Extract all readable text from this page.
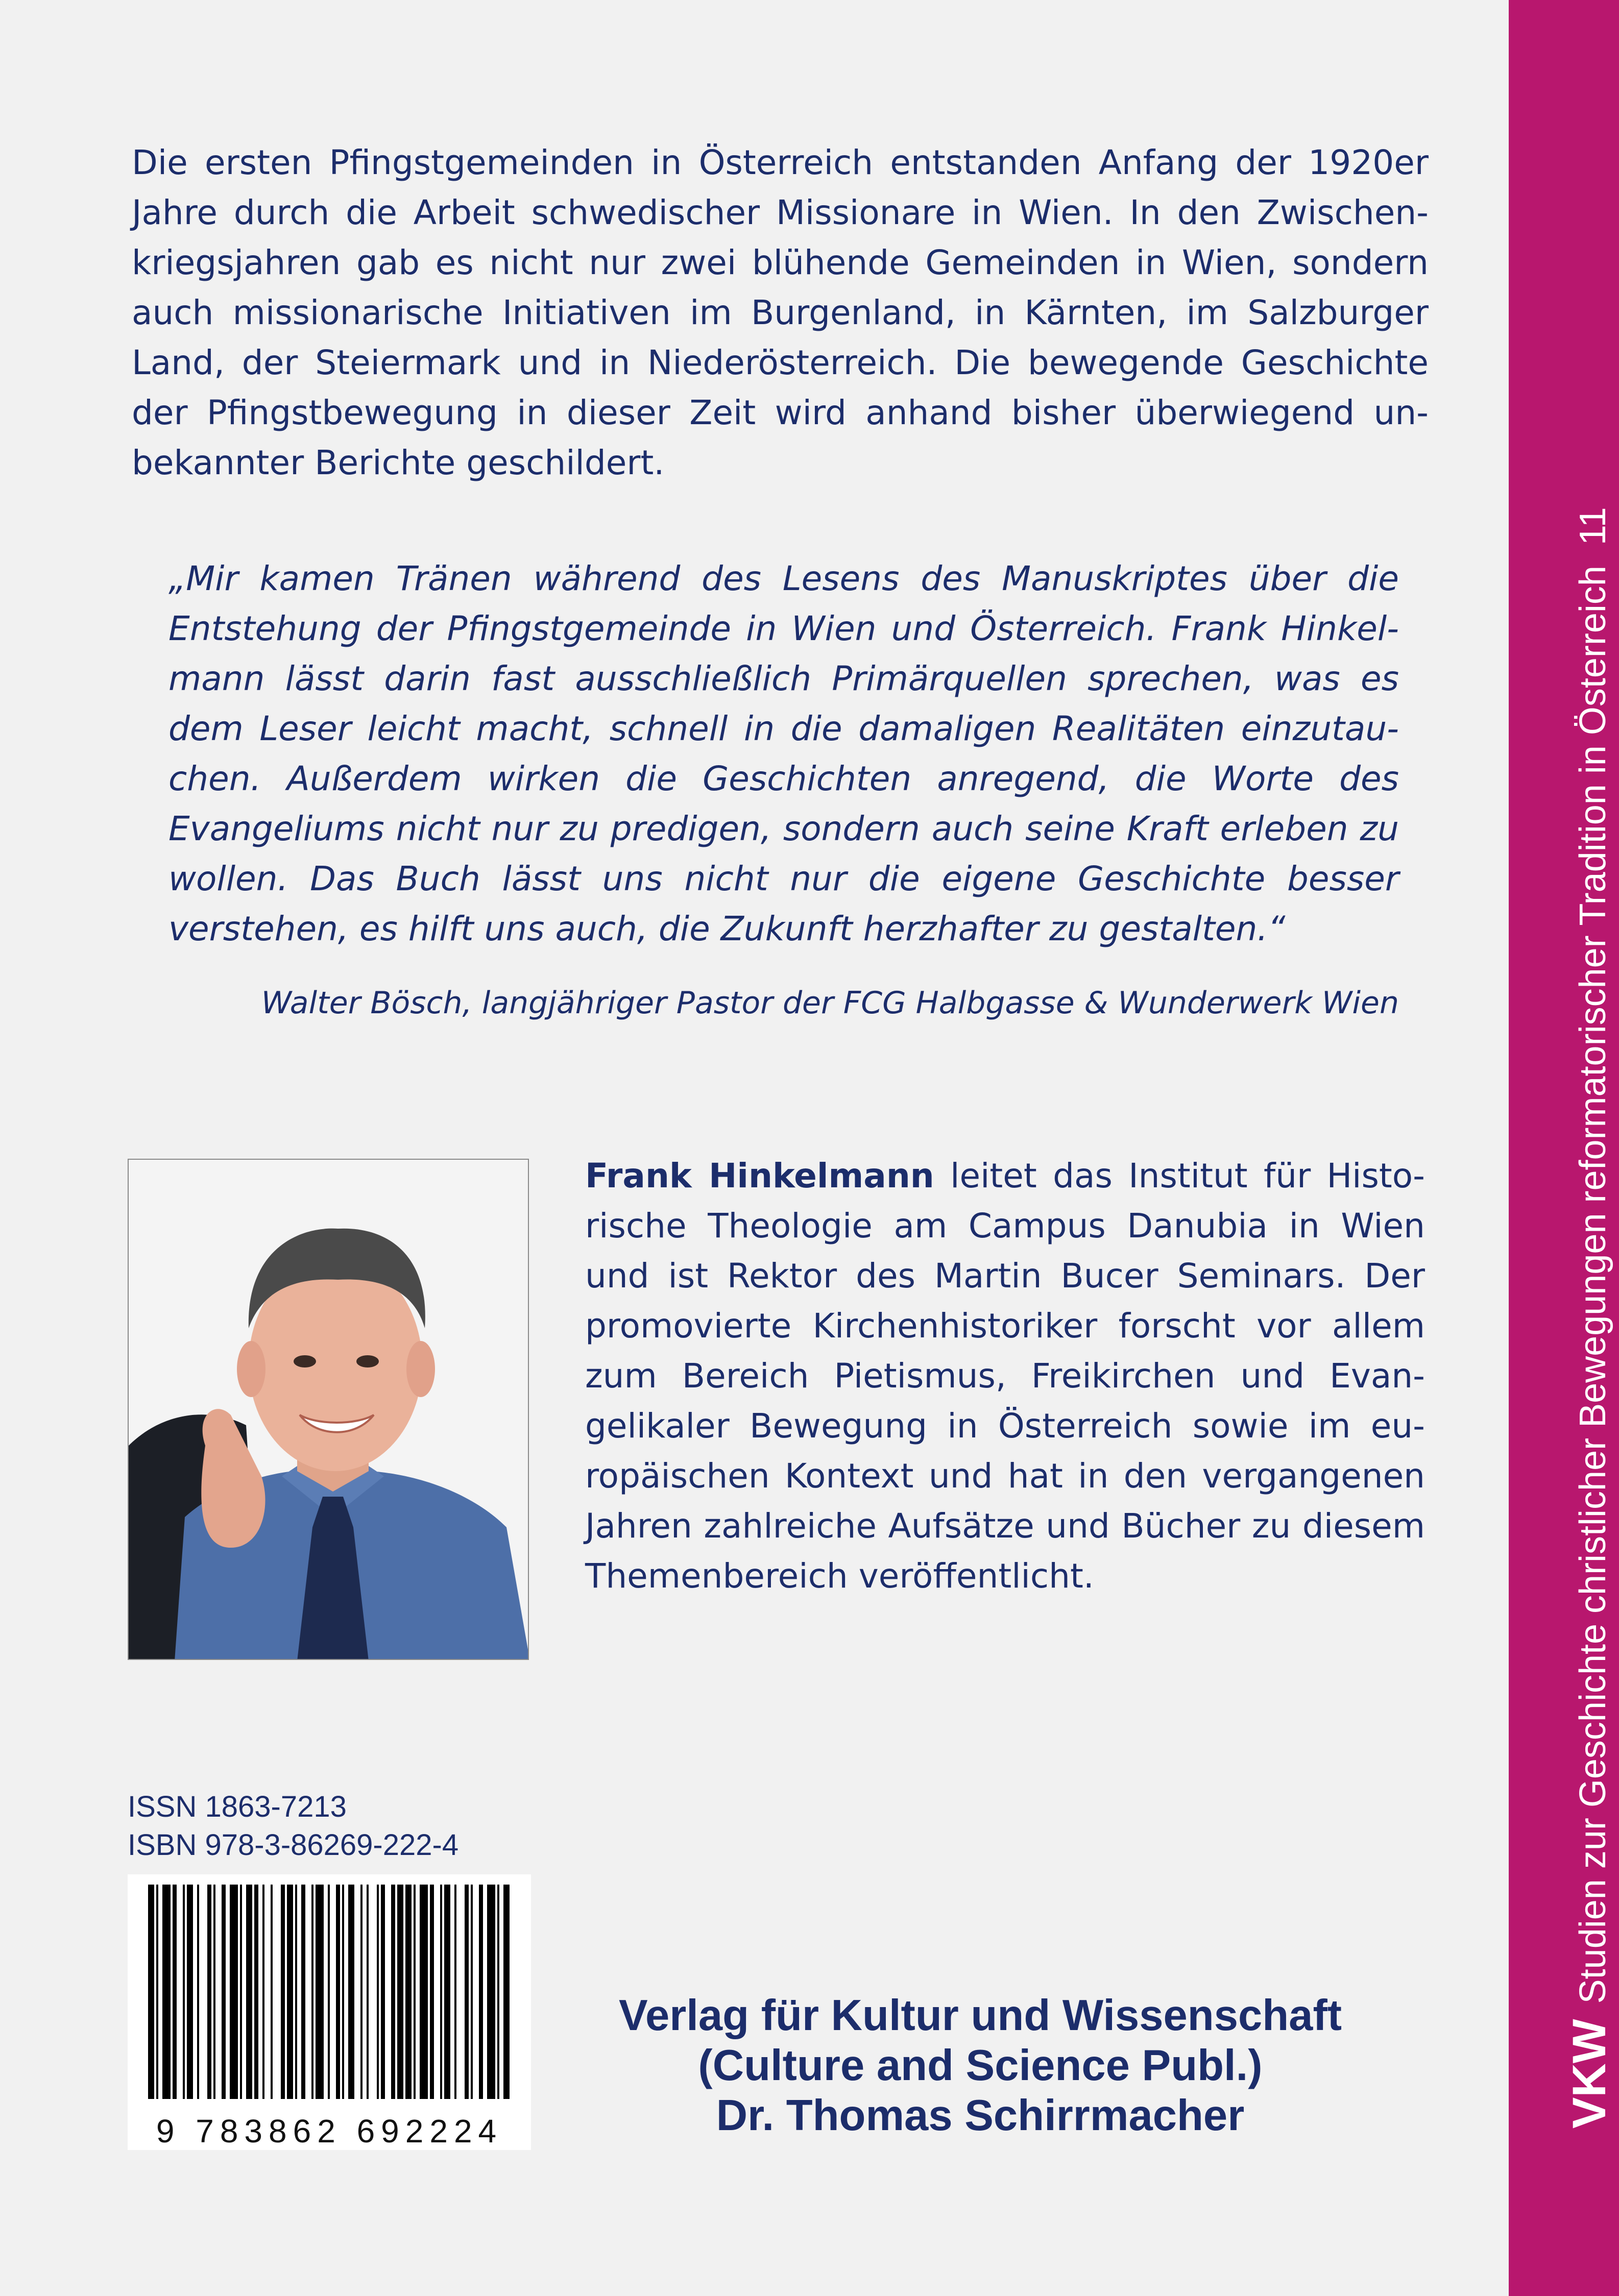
Die ersten Pfingstgemeinden in Österreich entstanden Anfang der 1920er Jahre durch die Arbeit schwedischer Missionare in Wien. In den Zwischenkriegsjahren gab es nicht nur zwei blühende Gemeinden in Wien, sondern auch missionarische Initiativen im Burgenland, in Kärnten, im Salzburger Land, der Steiermark und in Niederösterreich. Die bewegende Geschichte der Pfingstbewegung in dieser Zeit wird anhand bisher überwiegend unbekannter Berichte geschildert.

„Mir kamen Tränen während des Lesens des Manuskriptes über die Entstehung der Pfingstgemeinde in Wien und Österreich. Frank Hinkelmann lässt darin fast ausschließlich Primärquellen sprechen, was es dem Leser leicht macht, schnell in die damaligen Realitäten einzutauchen. Außerdem wirken die Geschichten anregend, die Worte des Evangeliums nicht nur zu predigen, sondern auch seine Kraft erleben zu wollen. Das Buch lässt uns nicht nur die eigene Geschichte besser verstehen, es hilft uns auch, die Zukunft herzhafter zu gestalten.“

Walter Bösch, langjähriger Pastor der FCG Halbgasse & Wunderwerk Wien

Frank Hinkelmann leitet das Institut für Historische Theologie am Campus Danubia in Wien und ist Rektor des Martin Bucer Seminars. Der promovierte Kirchenhistoriker forscht vor allem zum Bereich Pietismus, Freikirchen und Evangelikaler Bewegung in Österreich sowie im europäischen Kontext und hat in den vergangenen Jahren zahlreiche Aufsätze und Bücher zu diesem Themenbereich veröffentlicht.

ISSN 1863-7213
ISBN 978-3-86269-222-4
9 783862 692224
Verlag für Kultur und Wissenschaft
(Culture and Science Publ.)
Dr. Thomas Schirrmacher	VKWStudien zur Geschichte christlicher Bewegungen reformatorischer Tradition in Österreich11
